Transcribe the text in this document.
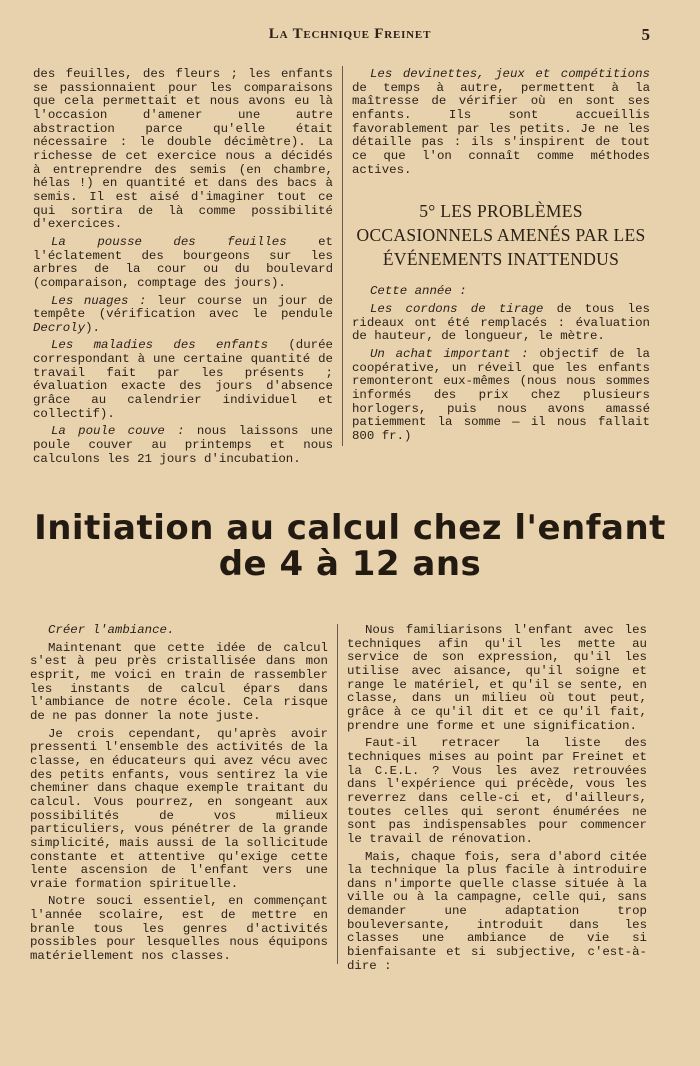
La Technique Freinet	5

des feuilles, des fleurs ; les enfants se passionnaient pour les comparaisons que cela permettait et nous avons eu là l'occasion d'amener une autre abstraction parce qu'elle était nécessaire : le double décimètre). La richesse de cet exercice nous a décidés à entreprendre des semis (en chambre, hélas !) en quantité et dans des bacs à semis. Il est aisé d'imaginer tout ce qui sortira de là comme possibilité d'exercices.

La pousse des feuilles et l'éclatement des bourgeons sur les arbres de la cour ou du boulevard (comparaison, comptage des jours).

Les nuages : leur course un jour de tempête (vérification avec le pendule Decroly).

Les maladies des enfants (durée correspondant à une certaine quantité de travail fait par les présents ; évaluation exacte des jours d'absence grâce au calendrier individuel et collectif).

La poule couve : nous laissons une poule couver au printemps et nous calculons les 21 jours d'incubation.

Les devinettes, jeux et compétitions de temps à autre, permettent à la maîtresse de vérifier où en sont ses enfants. Ils sont accueillis favorablement par les petits. Je ne les détaille pas : ils s'inspirent de tout ce que l'on connaît comme méthodes actives.

5° LES PROBLÈMES OCCASIONNELS AMENÉS PAR LES ÉVÉNEMENTS INATTENDUS
Cette année :

Les cordons de tirage de tous les rideaux ont été remplacés : évaluation de hauteur, de longueur, le mètre.

Un achat important : objectif de la coopérative, un réveil que les enfants remonteront eux-mêmes (nous nous sommes informés des prix chez plusieurs horlogers, puis nous avons amassé patiemment la somme — il nous fallait 800 fr.)

Initiation au calcul chez l'enfant
de 4 à 12 ans
Créer l'ambiance.

Maintenant que cette idée de calcul s'est à peu près cristallisée dans mon esprit, me voici en train de rassembler les instants de calcul épars dans l'ambiance de notre école. Cela risque de ne pas donner la note juste.

Je crois cependant, qu'après avoir pressenti l'ensemble des activités de la classe, en éducateurs qui avez vécu avec des petits enfants, vous sentirez la vie cheminer dans chaque exemple traitant du calcul. Vous pourrez, en songeant aux possibilités de vos milieux particuliers, vous pénétrer de la grande simplicité, mais aussi de la sollicitude constante et attentive qu'exige cette lente ascension de l'enfant vers une vraie formation spirituelle.

Notre souci essentiel, en commençant l'année scolaire, est de mettre en branle tous les genres d'activités possibles pour lesquelles nous équipons matériellement nos classes.

Nous familiarisons l'enfant avec les techniques afin qu'il les mette au service de son expression, qu'il les utilise avec aisance, qu'il soigne et range le matériel, et qu'il se sente, en classe, dans un milieu où tout peut, grâce à ce qu'il dit et ce qu'il fait, prendre une forme et une signification.

Faut-il retracer la liste des techniques mises au point par Freinet et la C.E.L. ? Vous les avez retrouvées dans l'expérience qui précède, vous les reverrez dans celle-ci et, d'ailleurs, toutes celles qui seront énumérées ne sont pas indispensables pour commencer le travail de rénovation.

Mais, chaque fois, sera d'abord citée la technique la plus facile à introduire dans n'importe quelle classe située à la ville ou à la campagne, celle qui, sans demander une adaptation trop bouleversante, introduit dans les classes une ambiance de vie si bienfaisante et si subjective, c'est-à-dire :
